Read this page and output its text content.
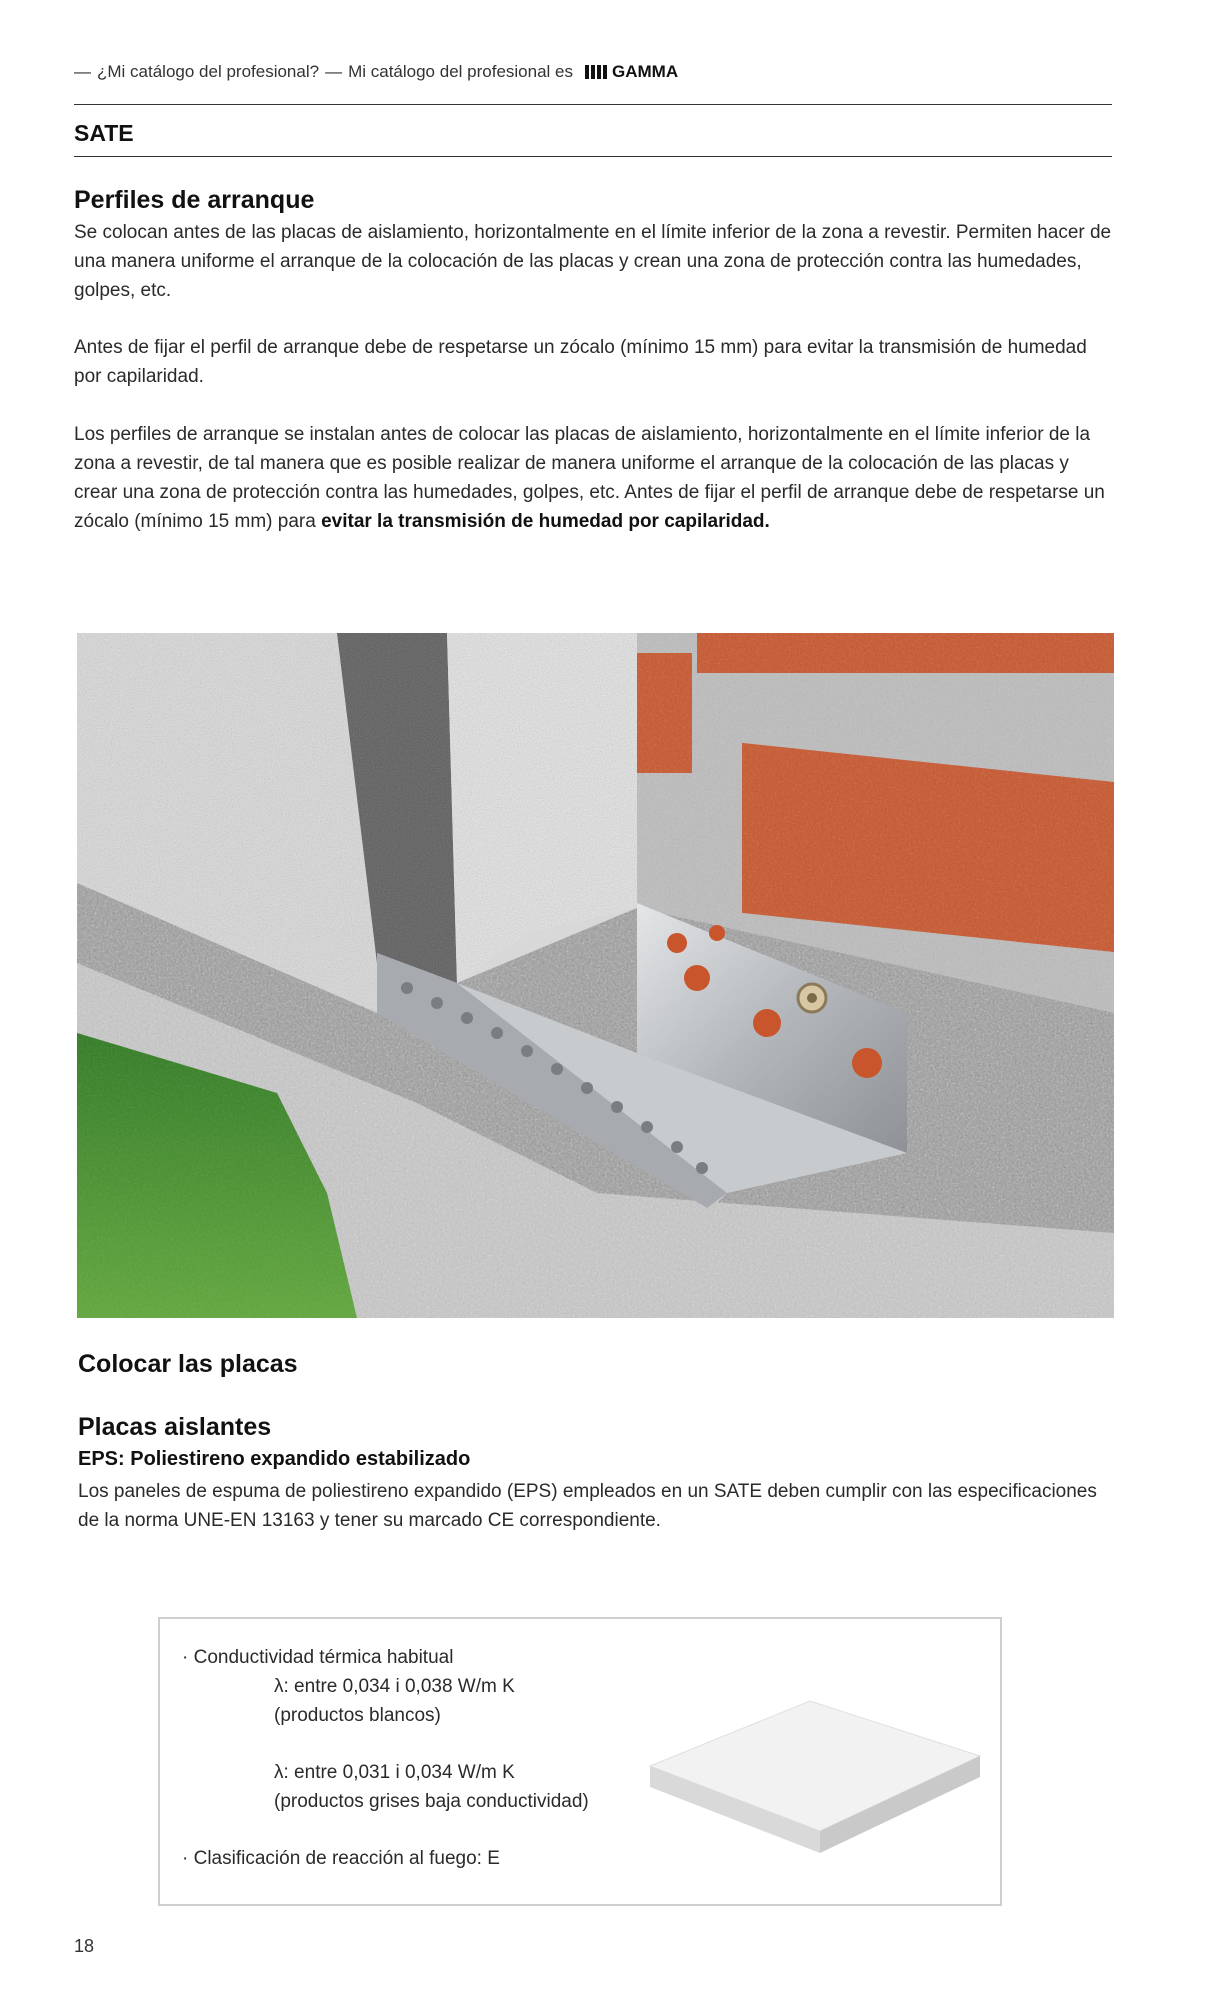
— ¿Mi catálogo del profesional? — Mi catálogo del profesional es GAMMA
SATE
Perfiles de arranque
Se colocan antes de las placas de aislamiento, horizontalmente en el límite inferior de la zona a revestir. Permiten hacer de una manera uniforme el arranque de la colocación de las placas y crean una zona de protección contra las humedades, golpes, etc.
Antes de fijar el perfil de arranque debe de respetarse un zócalo (mínimo 15 mm) para evitar la transmisión de humedad por capilaridad.
Los perfiles de arranque se instalan antes de colocar las placas de aislamiento, horizontalmente en el límite inferior de la zona a revestir, de tal manera que es posible realizar de manera uniforme el arranque de la colocación de las placas y crear una zona de protección contra las humedades, golpes, etc. Antes de fijar el perfil de arranque debe de respetarse un zócalo (mínimo 15 mm) para evitar la transmisión de humedad por capilaridad.
Colocar las placas
Placas aislantes
EPS: Poliestireno expandido estabilizado
Los paneles de espuma de poliestireno expandido (EPS) empleados en un SATE deben cumplir con las especificaciones de la norma UNE-EN 13163 y tener su marcado CE correspondiente.
· Conductividad térmica habitual
λ: entre 0,034 i 0,038 W/m K
(productos blancos)
λ: entre 0,031 i 0,034 W/m K
(productos grises baja conductividad)
· Clasificación de reacción al fuego: E
18
